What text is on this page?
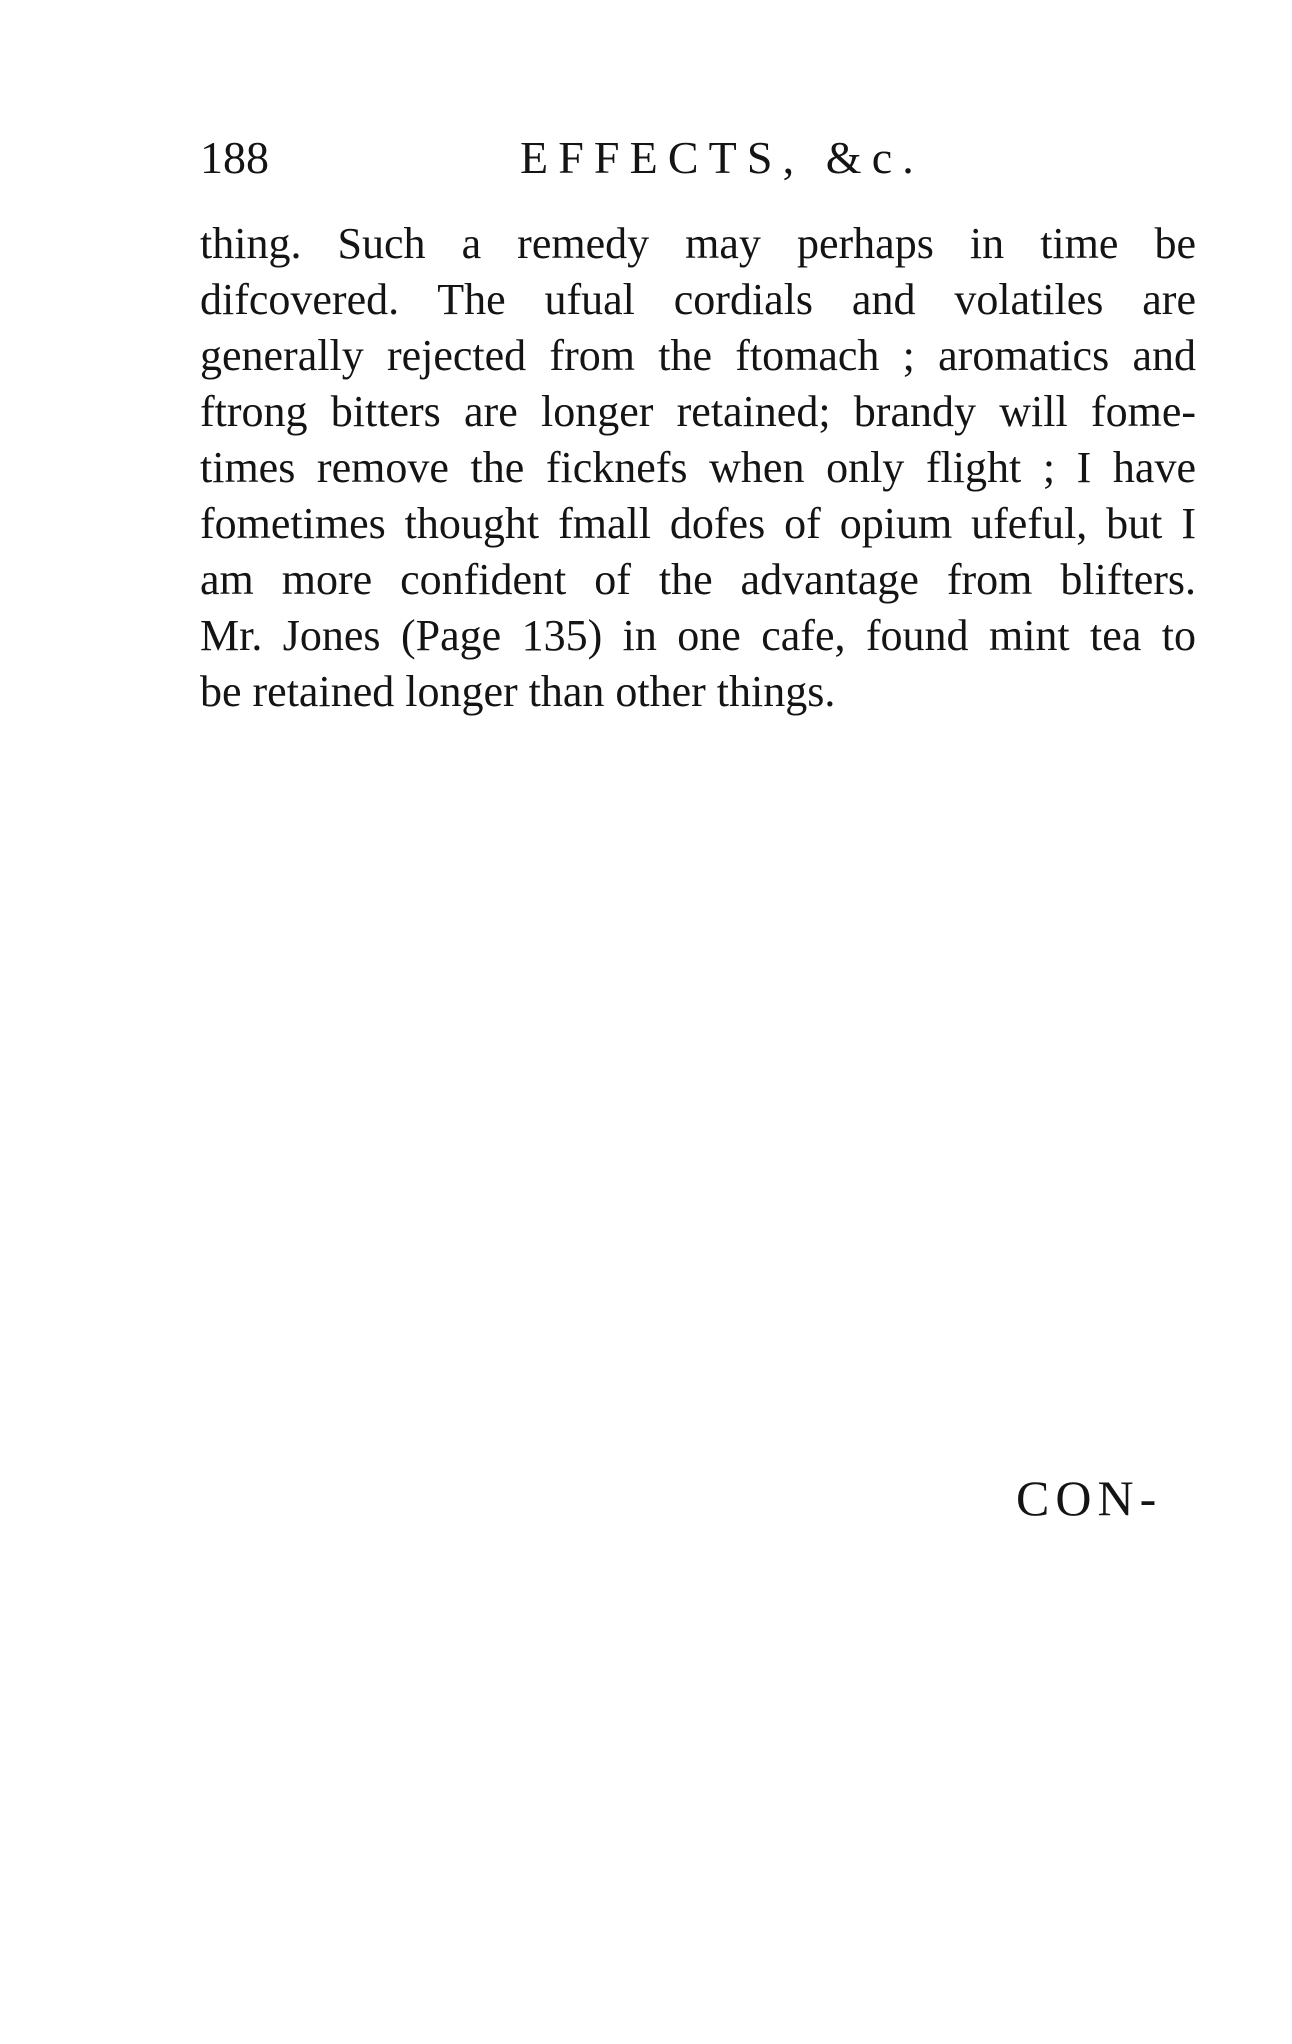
188	EFFECTS, &c.
thing. Such a remedy may perhaps in time be
difcovered. The ufual cordials and volatiles are
generally rejected from the ftomach ; aromatics and
ftrong bitters are longer retained; brandy will fome-
times remove the ficknefs when only flight ; I have
fometimes thought fmall dofes of opium ufeful, but I
am more confident of the advantage from blifters.
Mr. Jones (Page 135) in one cafe, found mint tea to
be retained longer than other things.
CON-
